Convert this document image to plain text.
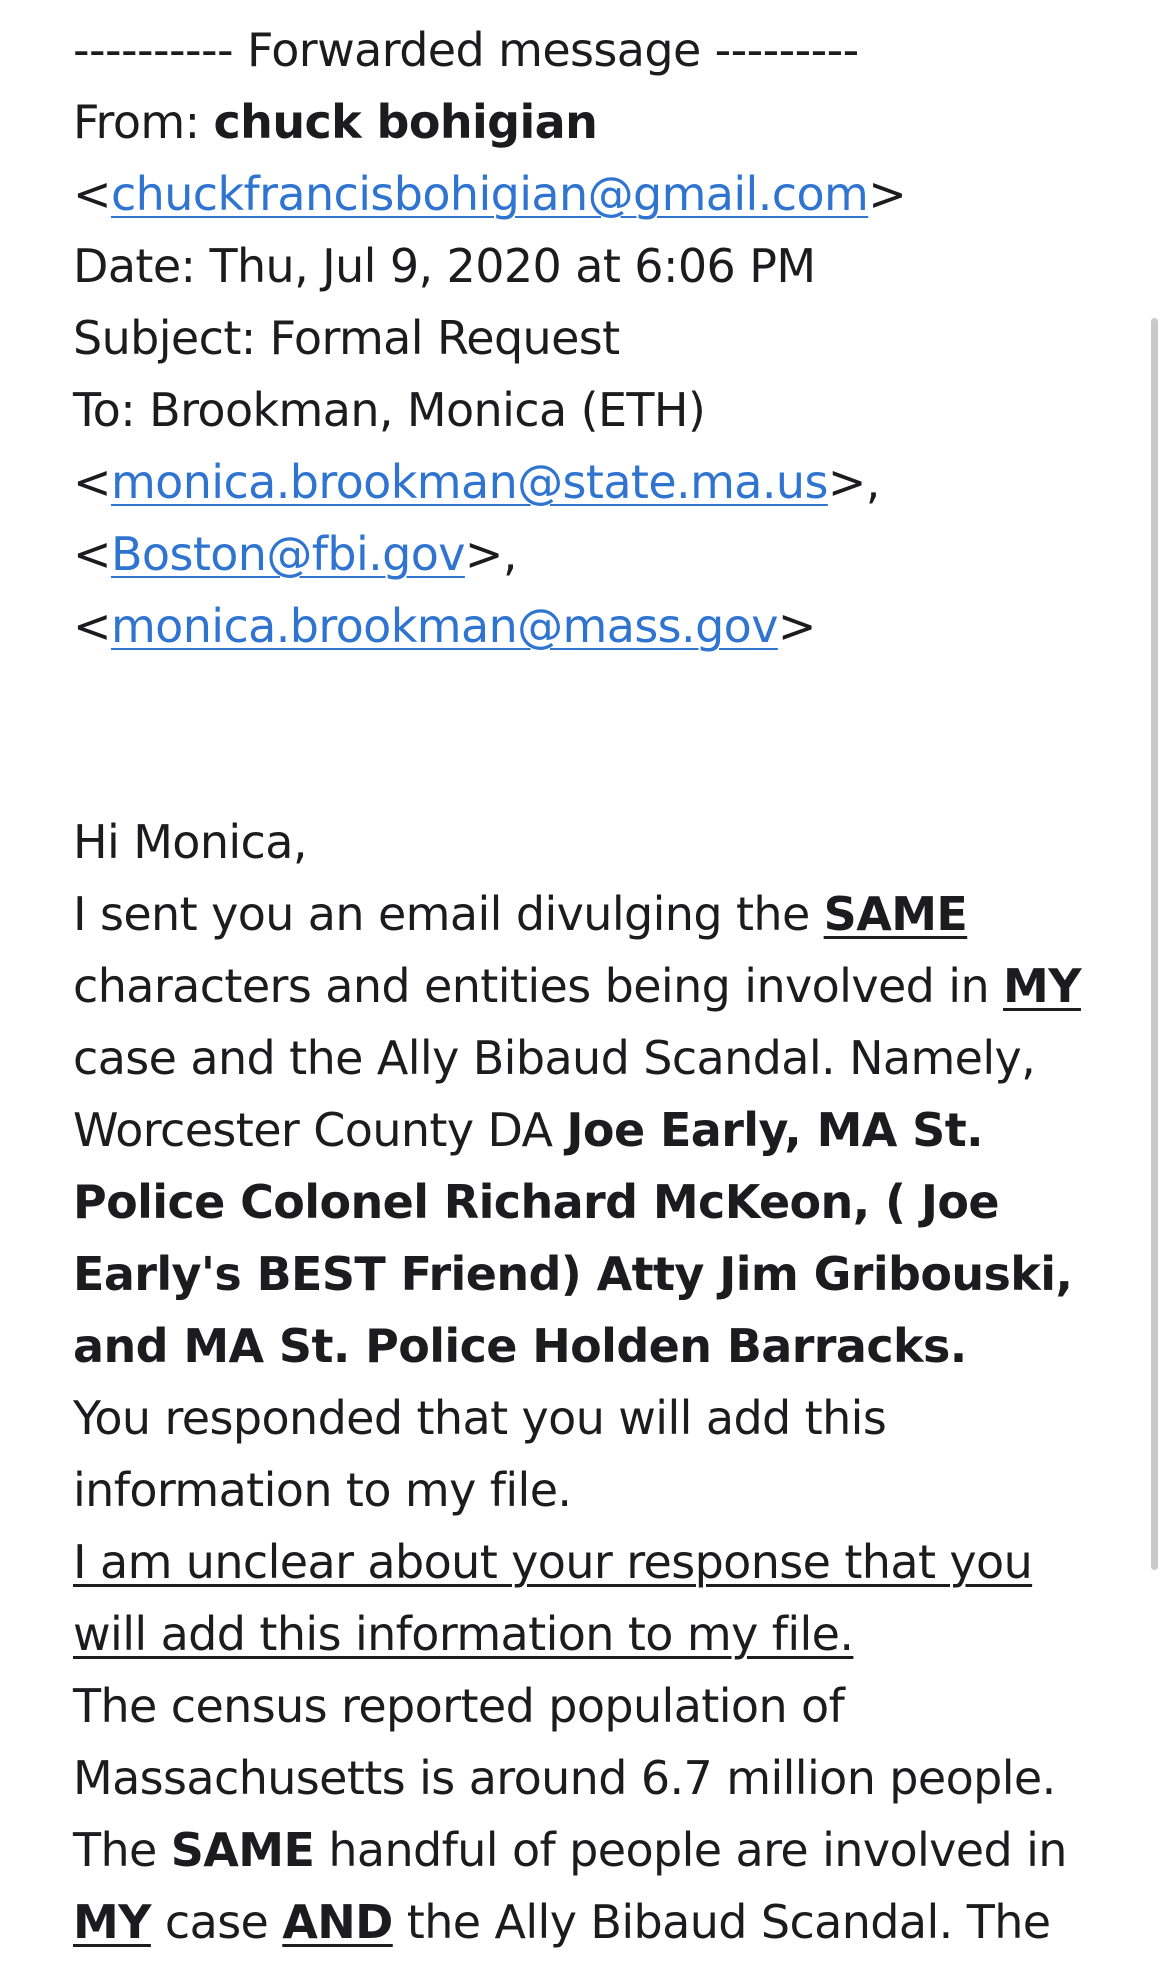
---------- Forwarded message ---------
From: chuck bohigian
<chuckfrancisbohigian@gmail.com>
Date: Thu, Jul 9, 2020 at 6:06 PM
Subject: Formal Request
To: Brookman, Monica (ETH)
<monica.brookman@state.ma.us>,
<Boston@fbi.gov>,
<monica.brookman@mass.gov>
Hi Monica,
I sent you an email divulging the SAME
characters and entities being involved in MY
case and the Ally Bibaud Scandal. Namely,
Worcester County DA Joe Early, MA St.
Police Colonel Richard McKeon, ( Joe
Early's BEST Friend) Atty Jim Gribouski,
and MA St. Police Holden Barracks.
You responded that you will add this
information to my file.
I am unclear about your response that you
will add this information to my file.
The census reported population of
Massachusetts is around 6.7 million people.
The SAME handful of people are involved in
MY case AND the Ally Bibaud Scandal. The
